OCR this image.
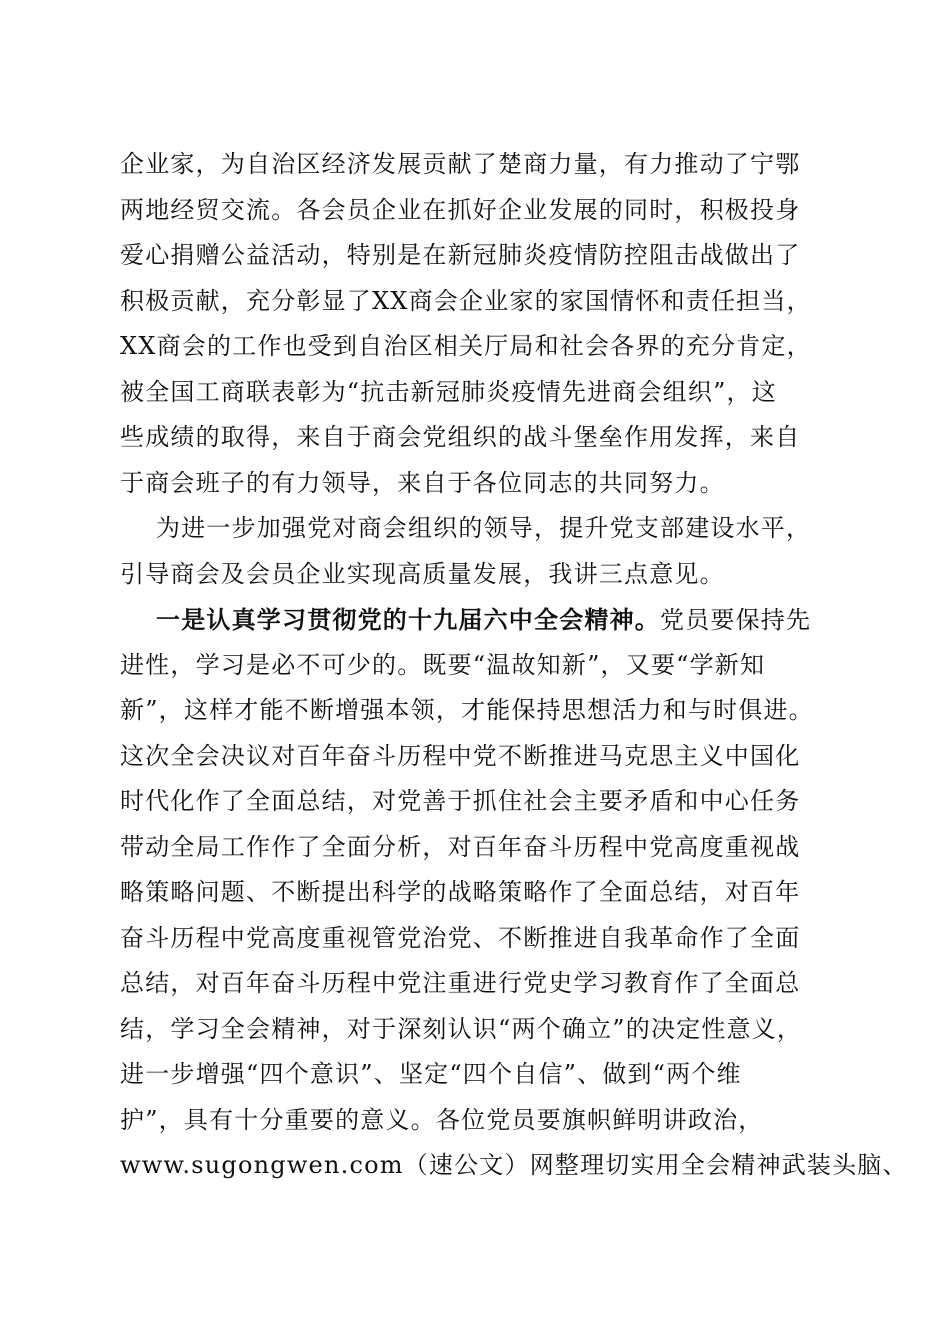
企业家，为自治区经济发展贡献了楚商力量，有力推动了宁鄂
两地经贸交流。各会员企业在抓好企业发展的同时，积极投身
爱心捐赠公益活动，特别是在新冠肺炎疫情防控阻击战做出了
积极贡献，充分彰显了XX商会企业家的家国情怀和责任担当，
XX商会的工作也受到自治区相关厅局和社会各界的充分肯定，
被全国工商联表彰为“抗击新冠肺炎疫情先进商会组织”，这
些成绩的取得，来自于商会党组织的战斗堡垒作用发挥，来自
于商会班子的有力领导，来自于各位同志的共同努力。
为进一步加强党对商会组织的领导，提升党支部建设水平，
引导商会及会员企业实现高质量发展，我讲三点意见。
一是认真学习贯彻党的十九届六中全会精神。党员要保持先
进性，学习是必不可少的。既要“温故知新”，又要“学新知
新”，这样才能不断增强本领，才能保持思想活力和与时俱进。
这次全会决议对百年奋斗历程中党不断推进马克思主义中国化
时代化作了全面总结，对党善于抓住社会主要矛盾和中心任务
带动全局工作作了全面分析，对百年奋斗历程中党高度重视战
略策略问题、不断提出科学的战略策略作了全面总结，对百年
奋斗历程中党高度重视管党治党、不断推进自我革命作了全面
总结，对百年奋斗历程中党注重进行党史学习教育作了全面总
结，学习全会精神，对于深刻认识“两个确立”的决定性意义，
进一步增强“四个意识”、坚定“四个自信”、做到“两个维
护”，具有十分重要的意义。各位党员要旗帜鲜明讲政治，
www.sugongwen.com（速公文）网整理切实用全会精神武装头脑、
